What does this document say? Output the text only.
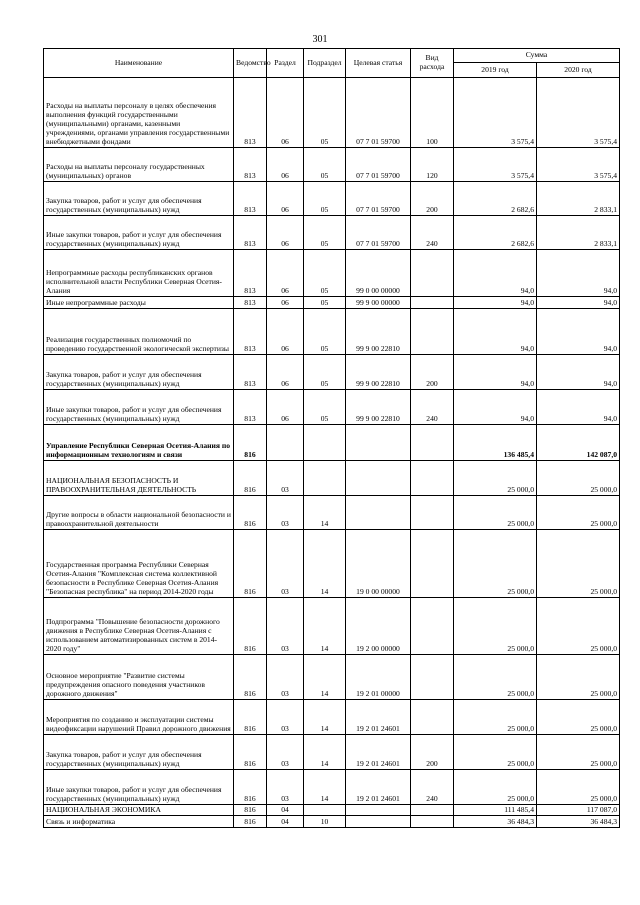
301
Наименование	Ведомство	Раздел	Подраздел	Целевая статья	Вид расхода	Сумма	
						2019 год	2020 год
Расходы на выплаты персоналу в целях обеспечения выполнения функций государственными (муниципальными) органами, казенными учреждениями, органами управления государственными внебюджетными фондами	813	06	05	07 7 01 59700	100	3 575,4	3 575,4
Расходы на выплаты персоналу государственных (муниципальных) органов	813	06	05	07 7 01 59700	120	3 575,4	3 575,4
Закупка товаров, работ и услуг для обеспечения государственных (муниципальных) нужд	813	06	05	07 7 01 59700	200	2 682,6	2 833,1
Иные закупки товаров, работ и услуг для обеспечения государственных (муниципальных) нужд	813	06	05	07 7 01 59700	240	2 682,6	2 833,1
Непрограммные расходы республиканских органов исполнительной власти Республики Северная Осетия-Алания	813	06	05	99 0 00 00000		94,0	94,0
Иные непрограммные расходы	813	06	05	99 9 00 00000		94,0	94,0
Реализация государственных полномочий по проведению государственной экологической экспертизы	813	06	05	99 9 00 22810		94,0	94,0
Закупка товаров, работ и услуг для обеспечения государственных (муниципальных) нужд	813	06	05	99 9 00 22810	200	94,0	94,0
Иные закупки товаров, работ и услуг для обеспечения государственных (муниципальных) нужд	813	06	05	99 9 00 22810	240	94,0	94,0
Управление Республики Северная Осетия-Алания по информационным технологиям и связи	816					136 485,4	142 087,0
НАЦИОНАЛЬНАЯ БЕЗОПАСНОСТЬ И ПРАВООХРАНИТЕЛЬНАЯ ДЕЯТЕЛЬНОСТЬ	816	03				25 000,0	25 000,0
Другие вопросы в области национальной безопасности и правоохранительной деятельности	816	03	14			25 000,0	25 000,0
Государственная программа Республики Северная Осетия-Алания "Комплексная система коллективной безопасности в Республике Северная Осетия-Алания "Безопасная республика" на период 2014-2020 годы	816	03	14	19 0 00 00000		25 000,0	25 000,0
Подпрограмма "Повышение безопасности дорожного движения в Республике Северная Осетия-Алания с использованием автоматизированных систем в 2014-2020 году"	816	03	14	19 2 00 00000		25 000,0	25 000,0
Основное мероприятие "Развитие системы предупреждения опасного поведения участников дорожного движения"	816	03	14	19 2 01 00000		25 000,0	25 000,0
Мероприятия по созданию и эксплуатации системы видеофиксации нарушений Правил дорожного движения	816	03	14	19 2 01 24601		25 000,0	25 000,0
Закупка товаров, работ и услуг для обеспечения государственных (муниципальных) нужд	816	03	14	19 2 01 24601	200	25 000,0	25 000,0
Иные закупки товаров, работ и услуг для обеспечения государственных (муниципальных) нужд	816	03	14	19 2 01 24601	240	25 000,0	25 000,0
НАЦИОНАЛЬНАЯ ЭКОНОМИКА	816	04				111 485,4	117 087,0
Связь и информатика	816	04	10			36 484,3	36 484,3
